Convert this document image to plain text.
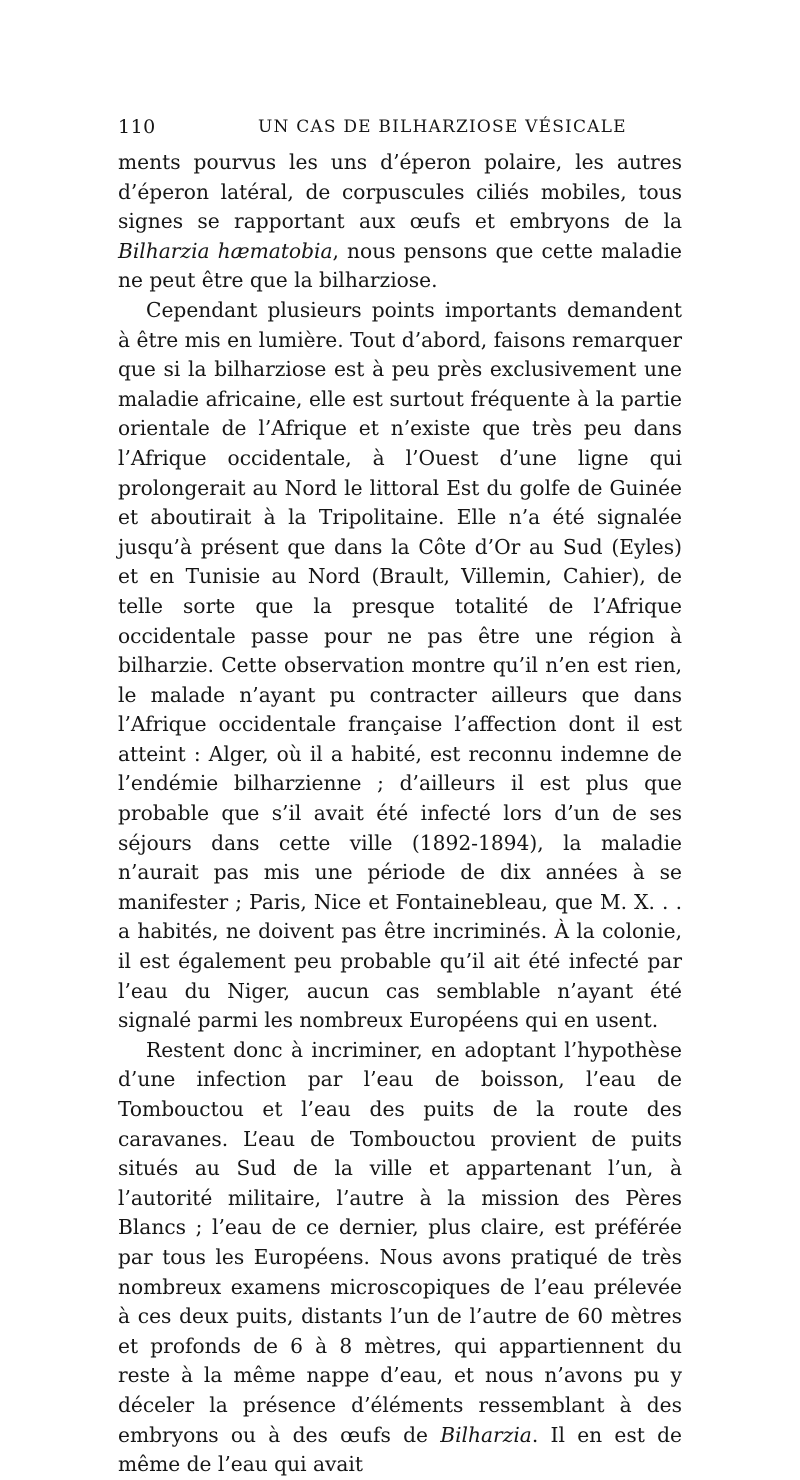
110	UN CAS DE BILHARZIOSE VÉSICALE

ments pourvus les uns d’éperon polaire, les autres d’éperon latéral, de corpuscules ciliés mobiles, tous signes se rapportant aux œufs et embryons de la Bilharzia hæmatobia, nous pensons que cette maladie ne peut être que la bilharziose.

Cependant plusieurs points importants demandent à être mis en lumière. Tout d’abord, faisons remarquer que si la bilharziose est à peu près exclusivement une maladie africaine, elle est surtout fréquente à la partie orientale de l’Afrique et n’existe que très peu dans l’Afrique occidentale, à l’Ouest d’une ligne qui prolongerait au Nord le littoral Est du golfe de Guinée et aboutirait à la Tripolitaine. Elle n’a été signalée jusqu’à présent que dans la Côte d’Or au Sud (Eyles) et en Tunisie au Nord (Brault, Villemin, Cahier), de telle sorte que la presque totalité de l’Afrique occidentale passe pour ne pas être une région à bilharzie. Cette observation montre qu’il n’en est rien, le malade n’ayant pu contracter ailleurs que dans l’Afrique occidentale française l’affection dont il est atteint : Alger, où il a habité, est reconnu indemne de l’endémie bilharzienne ; d’ailleurs il est plus que probable que s’il avait été infecté lors d’un de ses séjours dans cette ville (1892-1894), la maladie n’aurait pas mis une période de dix années à se manifester ; Paris, Nice et Fontainebleau, que M. X. . . a habités, ne doivent pas être incriminés. À la colonie, il est également peu probable qu’il ait été infecté par l’eau du Niger, aucun cas semblable n’ayant été signalé parmi les nombreux Européens qui en usent.

Restent donc à incriminer, en adoptant l’hypothèse d’une infection par l’eau de boisson, l’eau de Tombouctou et l’eau des puits de la route des caravanes. L’eau de Tombouctou provient de puits situés au Sud de la ville et appartenant l’un, à l’autorité militaire, l’autre à la mission des Pères Blancs ; l’eau de ce dernier, plus claire, est préférée par tous les Européens. Nous avons pratiqué de très nombreux examens microscopiques de l’eau prélevée à ces deux puits, distants l’un de l’autre de 60 mètres et profonds de 6 à 8 mètres, qui appartiennent du reste à la même nappe d’eau, et nous n’avons pu y déceler la présence d’éléments ressemblant à des embryons ou à des œufs de Bilharzia. Il en est de même de l’eau qui avait
